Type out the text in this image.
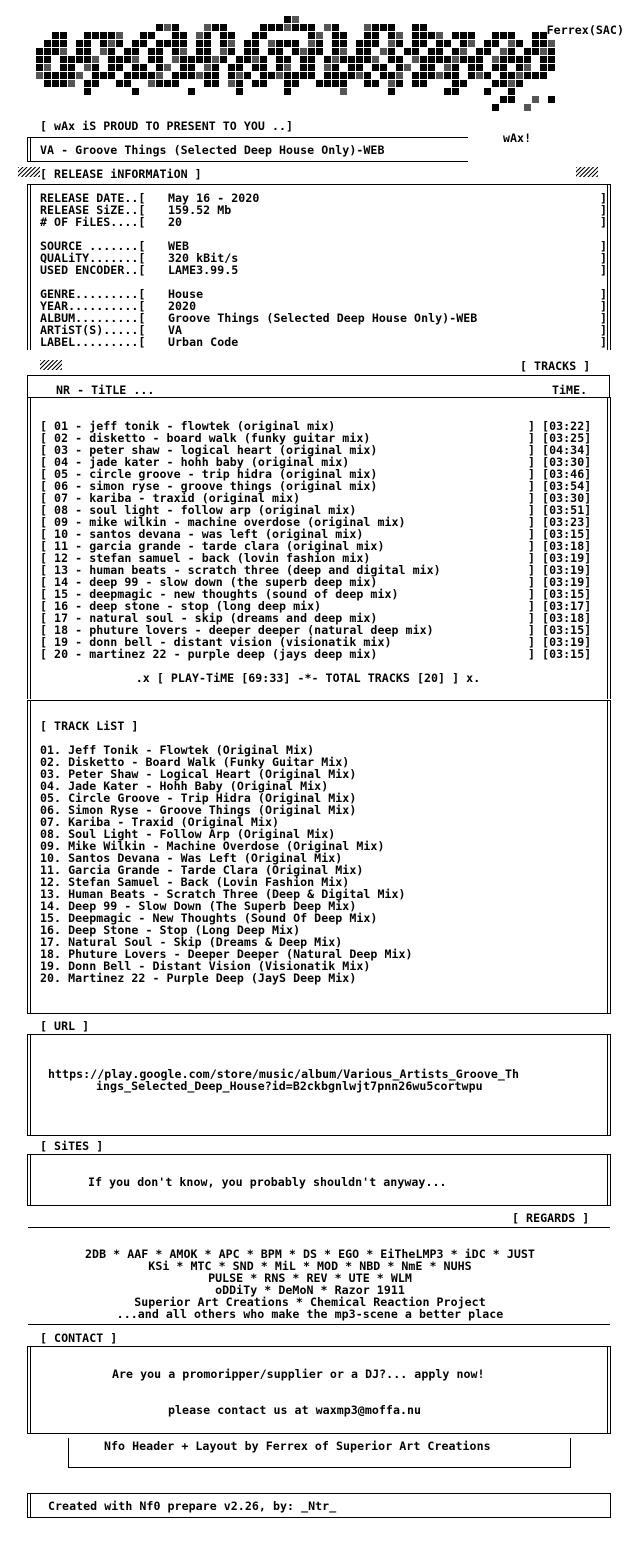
Ferrex(SAC)
wAx!
[ wAx iS PROUD TO PRESENT TO YOU ..]
VA - Groove Things (Selected Deep House Only)-WEB
[ RELEASE iNFORMATiON ]
RELEASE DATE..[ May 16 - 2020	]
RELEASE SiZE..[ 159.52 Mb	]
# OF FiLES....[ 20	]
SOURCE .......[ WEB	]
QUALiTY.......[ 320 kBit/s	]
USED ENCODER..[ LAME3.99.5	]
GENRE.........[ House	]
YEAR..........[ 2020	]
ALBUM.........[ Groove Things (Selected Deep House Only)-WEB	]
ARTiST(S).....[ VA	]
LABEL.........[ Urban Code	]
[ TRACKS ]
NR - TiTLE ...	TiME.
[ 01 - jeff tonik - flowtek (original mix)	] [03:22]
[ 02 - disketto - board walk (funky guitar mix)	] [03:25]
[ 03 - peter shaw - logical heart (original mix)	] [04:34]
[ 04 - jade kater - hohh baby (original mix)	] [03:30]
[ 05 - circle groove - trip hidra (original mix)	] [03:46]
[ 06 - simon ryse - groove things (original mix)	] [03:54]
[ 07 - kariba - traxid (original mix)	] [03:30]
[ 08 - soul light - follow arp (original mix)	] [03:51]
[ 09 - mike wilkin - machine overdose (original mix)	] [03:23]
[ 10 - santos devana - was left (original mix)	] [03:15]
[ 11 - garcia grande - tarde clara (original mix)	] [03:18]
[ 12 - stefan samuel - back (lovin fashion mix)	] [03:19]
[ 13 - human beats - scratch three (deep and digital mix)	] [03:19]
[ 14 - deep 99 - slow down (the superb deep mix)	] [03:19]
[ 15 - deepmagic - new thoughts (sound of deep mix)	] [03:15]
[ 16 - deep stone - stop (long deep mix)	] [03:17]
[ 17 - natural soul - skip (dreams and deep mix)	] [03:18]
[ 18 - phuture lovers - deeper deeper (natural deep mix)	] [03:15]
[ 19 - donn bell - distant vision (visionatik mix)	] [03:19]
[ 20 - martinez 22 - purple deep (jays deep mix)	] [03:15]
.x [ PLAY-TiME [69:33] -*- TOTAL TRACKS [20] ] x.
[ TRACK LiST ]
01. Jeff Tonik - Flowtek (Original Mix)
02. Disketto - Board Walk (Funky Guitar Mix)
03. Peter Shaw - Logical Heart (Original Mix)
04. Jade Kater - Hohh Baby (Original Mix)
05. Circle Groove - Trip Hidra (Original Mix)
06. Simon Ryse - Groove Things (Original Mix)
07. Kariba - Traxid (Original Mix)
08. Soul Light - Follow Arp (Original Mix)
09. Mike Wilkin - Machine Overdose (Original Mix)
10. Santos Devana - Was Left (Original Mix)
11. Garcia Grande - Tarde Clara (Original Mix)
12. Stefan Samuel - Back (Lovin Fashion Mix)
13. Human Beats - Scratch Three (Deep & Digital Mix)
14. Deep 99 - Slow Down (The Superb Deep Mix)
15. Deepmagic - New Thoughts (Sound Of Deep Mix)
16. Deep Stone - Stop (Long Deep Mix)
17. Natural Soul - Skip (Dreams & Deep Mix)
18. Phuture Lovers - Deeper Deeper (Natural Deep Mix)
19. Donn Bell - Distant Vision (Visionatik Mix)
20. Martinez 22 - Purple Deep (JayS Deep Mix)
[ URL ]
https://play.google.com/store/music/album/Various_Artists_Groove_Th
ings_Selected_Deep_House?id=B2ckbgnlwjt7pnn26wu5cortwpu
[ SiTES ]
If you don't know, you probably shouldn't anyway...
[ REGARDS ]
2DB * AAF * AMOK * APC * BPM * DS * EGO * EiTheLMP3 * iDC * JUST
KSi * MTC * SND * MiL * MOD * NBD * NmE * NUHS
PULSE * RNS * REV * UTE * WLM
oDDiTy * DeMoN * Razor 1911
Superior Art Creations * Chemical Reaction Project
...and all others who make the mp3-scene a better place
[ CONTACT ]
Are you a promoripper/supplier or a DJ?... apply now!
please contact us at waxmp3@moffa.nu
Nfo Header + Layout by Ferrex of Superior Art Creations
Created with Nf0 prepare v2.26, by: _Ntr_
